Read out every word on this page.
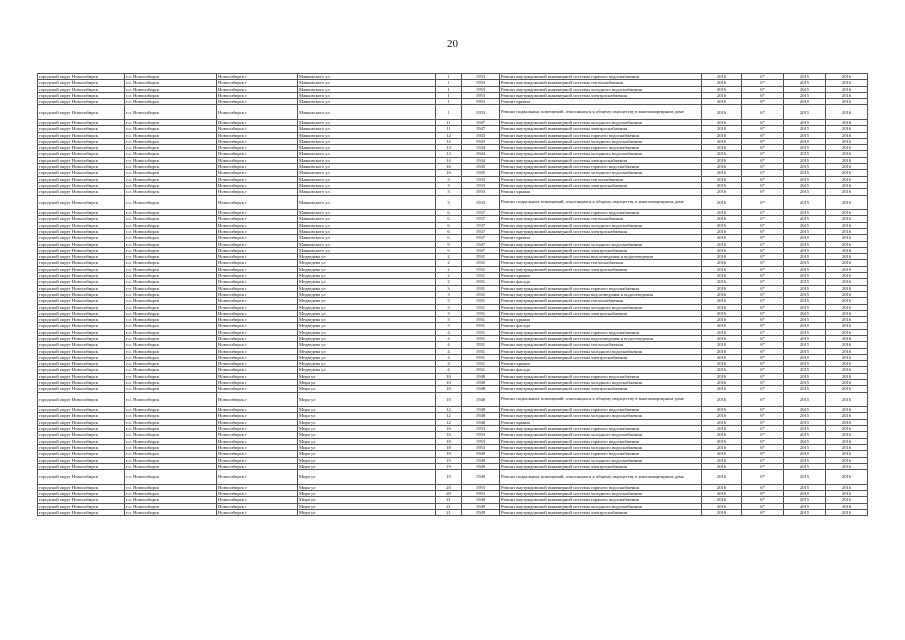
20
городской округ Новосибирск	г.о. Новосибирск	Новосибирск г	Маяковского ул	1	1953	Ремонт внутридомовой инженерной системы горячего водоснабжения	2016	6*	2015	2016
городской округ Новосибирск	г.о. Новосибирск	Новосибирск г	Маяковского ул	1	1953	Ремонт внутридомовой инженерной системы теплоснабжения	2016	6*	2015	2016
городской округ Новосибирск	г.о. Новосибирск	Новосибирск г	Маяковского ул	1	1953	Ремонт внутридомовой инженерной системы холодного водоснабжения	2016	6*	2015	2016
городской округ Новосибирск	г.о. Новосибирск	Новосибирск г	Маяковского ул	1	1953	Ремонт внутридомовой инженерной системы электроснабжения	2016	6*	2015	2016
городской округ Новосибирск	г.о. Новосибирск	Новосибирск г	Маяковского ул	1	1953	Ремонт крыши	2016	6*	2015	2016
городской округ Новосибирск	г.о. Новосибирск	Новосибирск г	Маяковского ул	1	1953	Ремонт подвальных помещений, относящихся к общему имуществу в многоквартирном доме	2016	6*	2015	2016
городской округ Новосибирск	г.о. Новосибирск	Новосибирск г	Маяковского ул	11	1947	Ремонт внутридомовой инженерной системы холодного водоснабжения	2016	6*	2015	2016
городской округ Новосибирск	г.о. Новосибирск	Новосибирск г	Маяковского ул	11	1947	Ремонт внутридомовой инженерной системы электроснабжения	2016	6*	2015	2016
городской округ Новосибирск	г.о. Новосибирск	Новосибирск г	Маяковского ул	12	1943	Ремонт внутридомовой инженерной системы горячего водоснабжения	2016	6*	2015	2016
городской округ Новосибирск	г.о. Новосибирск	Новосибирск г	Маяковского ул	12	1943	Ремонт внутридомовой инженерной системы холодного водоснабжения	2016	6*	2015	2016
городской округ Новосибирск	г.о. Новосибирск	Новосибирск г	Маяковского ул	14	1944	Ремонт внутридомовой инженерной системы горячего водоснабжения	2016	6*	2015	2016
городской округ Новосибирск	г.о. Новосибирск	Новосибирск г	Маяковского ул	14	1944	Ремонт внутридомовой инженерной системы холодного водоснабжения	2016	6*	2015	2016
городской округ Новосибирск	г.о. Новосибирск	Новосибирск г	Маяковского ул	14	1944	Ремонт внутридомовой инженерной системы электроснабжения	2016	6*	2015	2016
городской округ Новосибирск	г.о. Новосибирск	Новосибирск г	Маяковского ул	16	1945	Ремонт внутридомовой инженерной системы горячего водоснабжения	2016	6*	2015	2016
городской округ Новосибирск	г.о. Новосибирск	Новосибирск г	Маяковского ул	16	1945	Ремонт внутридомовой инженерной системы холодного водоснабжения	2016	6*	2015	2016
городской округ Новосибирск	г.о. Новосибирск	Новосибирск г	Маяковского ул	3	1933	Ремонт внутридомовой инженерной системы теплоснабжения	2016	6*	2015	2016
городской округ Новосибирск	г.о. Новосибирск	Новосибирск г	Маяковского ул	3	1933	Ремонт внутридомовой инженерной системы электроснабжения	2016	6*	2015	2016
городской округ Новосибирск	г.о. Новосибирск	Новосибирск г	Маяковского ул	3	1933	Ремонт крыши	2016	6*	2015	2016
городской округ Новосибирск	г.о. Новосибирск	Новосибирск г	Маяковского ул	3	1933	Ремонт подвальных помещений, относящихся к общему имуществу в многоквартирном доме	2016	6*	2015	2016
городской округ Новосибирск	г.о. Новосибирск	Новосибирск г	Маяковского ул	6	1937	Ремонт внутридомовой инженерной системы горячего водоснабжения	2016	6*	2015	2016
городской округ Новосибирск	г.о. Новосибирск	Новосибирск г	Маяковского ул	6	1937	Ремонт внутридомовой инженерной системы теплоснабжения	2016	6*	2015	2016
городской округ Новосибирск	г.о. Новосибирск	Новосибирск г	Маяковского ул	6	1937	Ремонт внутридомовой инженерной системы холодного водоснабжения	2016	6*	2015	2016
городской округ Новосибирск	г.о. Новосибирск	Новосибирск г	Маяковского ул	6	1937	Ремонт внутридомовой инженерной системы электроснабжения	2016	6*	2015	2016
городской округ Новосибирск	г.о. Новосибирск	Новосибирск г	Маяковского ул	6	1937	Ремонт крыши	2016	6*	2015	2016
городской округ Новосибирск	г.о. Новосибирск	Новосибирск г	Маяковского ул	9	1947	Ремонт внутридомовой инженерной системы холодного водоснабжения	2016	6*	2015	2016
городской округ Новосибирск	г.о. Новосибирск	Новосибирск г	Маяковского ул	9	1947	Ремонт внутридомовой инженерной системы электроснабжения	2016	6*	2015	2016
городской округ Новосибирск	г.о. Новосибирск	Новосибирск г	Медведева ул	2	1931	Ремонт внутридомовой инженерной системы водоотведения и водоотведения	2016	6*	2015	2016
городской округ Новосибирск	г.о. Новосибирск	Новосибирск г	Медведева ул	2	1931	Ремонт внутридомовой инженерной системы теплоснабжения	2016	6*	2015	2016
городской округ Новосибирск	г.о. Новосибирск	Новосибирск г	Медведева ул	2	1931	Ремонт внутридомовой инженерной системы электроснабжения	2016	6*	2015	2016
городской округ Новосибирск	г.о. Новосибирск	Новосибирск г	Медведева ул	2	1931	Ремонт крыши	2016	6*	2015	2016
городской округ Новосибирск	г.о. Новосибирск	Новосибирск г	Медведева ул	2	1931	Ремонт фасада	2016	6*	2015	2016
городской округ Новосибирск	г.о. Новосибирск	Новосибирск г	Медведева ул	3	1931	Ремонт внутридомовой инженерной системы горячего водоснабжения	2016	6*	2015	2016
городской округ Новосибирск	г.о. Новосибирск	Новосибирск г	Медведева ул	3	1931	Ремонт внутридомовой инженерной системы водоотведения и водоотведения	2016	6*	2015	2016
городской округ Новосибирск	г.о. Новосибирск	Новосибирск г	Медведева ул	3	1931	Ремонт внутридомовой инженерной системы теплоснабжения	2016	6*	2015	2016
городской округ Новосибирск	г.о. Новосибирск	Новосибирск г	Медведева ул	3	1931	Ремонт внутридомовой инженерной системы холодного водоснабжения	2016	6*	2015	2016
городской округ Новосибирск	г.о. Новосибирск	Новосибирск г	Медведева ул	3	1931	Ремонт внутридомовой инженерной системы электроснабжения	2016	6*	2015	2016
городской округ Новосибирск	г.о. Новосибирск	Новосибирск г	Медведева ул	3	1931	Ремонт крыши	2016	6*	2015	2016
городской округ Новосибирск	г.о. Новосибирск	Новосибирск г	Медведева ул	3	1931	Ремонт фасада	2016	6*	2015	2016
городской округ Новосибирск	г.о. Новосибирск	Новосибирск г	Медведева ул	4	1931	Ремонт внутридомовой инженерной системы горячего водоснабжения	2016	6*	2015	2016
городской округ Новосибирск	г.о. Новосибирск	Новосибирск г	Медведева ул	4	1931	Ремонт внутридомовой инженерной системы водоотведения и водоотведения	2016	6*	2015	2016
городской округ Новосибирск	г.о. Новосибирск	Новосибирск г	Медведева ул	4	1931	Ремонт внутридомовой инженерной системы теплоснабжения	2016	6*	2015	2016
городской округ Новосибирск	г.о. Новосибирск	Новосибирск г	Медведева ул	4	1931	Ремонт внутридомовой инженерной системы холодного водоснабжения	2016	6*	2015	2016
городской округ Новосибирск	г.о. Новосибирск	Новосибирск г	Медведева ул	4	1931	Ремонт внутридомовой инженерной системы электроснабжения	2016	6*	2015	2016
городской округ Новосибирск	г.о. Новосибирск	Новосибирск г	Медведева ул	4	1931	Ремонт крыши	2016	6*	2015	2016
городской округ Новосибирск	г.о. Новосибирск	Новосибирск г	Медведева ул	4	1931	Ремонт фасада	2016	6*	2015	2016
городской округ Новосибирск	г.о. Новосибирск	Новосибирск г	Мира ул	10	1948	Ремонт внутридомовой инженерной системы горячего водоснабжения	2016	6*	2015	2016
городской округ Новосибирск	г.о. Новосибирск	Новосибирск г	Мира ул	10	1948	Ремонт внутридомовой инженерной системы холодного водоснабжения	2016	6*	2015	2016
городской округ Новосибирск	г.о. Новосибирск	Новосибирск г	Мира ул	10	1948	Ремонт внутридомовой инженерной системы электроснабжения	2016	6*	2015	2016
городской округ Новосибирск	г.о. Новосибирск	Новосибирск г	Мира ул	10	1948	Ремонт подвальных помещений, относящихся к общему имуществу в многоквартирном доме	2016	6*	2015	2016
городской округ Новосибирск	г.о. Новосибирск	Новосибирск г	Мира ул	12	1948	Ремонт внутридомовой инженерной системы горячего водоснабжения	2016	6*	2015	2016
городской округ Новосибирск	г.о. Новосибирск	Новосибирск г	Мира ул	12	1948	Ремонт внутридомовой инженерной системы холодного водоснабжения	2016	6*	2015	2016
городской округ Новосибирск	г.о. Новосибирск	Новосибирск г	Мира ул	12	1948	Ремонт крыши	2016	6*	2015	2016
городской округ Новосибирск	г.о. Новосибирск	Новосибирск г	Мира ул	16	1953	Ремонт внутридомовой инженерной системы горячего водоснабжения	2016	6*	2015	2016
городской округ Новосибирск	г.о. Новосибирск	Новосибирск г	Мира ул	16	1953	Ремонт внутридомовой инженерной системы холодного водоснабжения	2016	6*	2015	2016
городской округ Новосибирск	г.о. Новосибирск	Новосибирск г	Мира ул	18	1953	Ремонт внутридомовой инженерной системы горячего водоснабжения	2016	6*	2015	2016
городской округ Новосибирск	г.о. Новосибирск	Новосибирск г	Мира ул	18	1953	Ремонт внутридомовой инженерной системы холодного водоснабжения	2016	6*	2015	2016
городской округ Новосибирск	г.о. Новосибирск	Новосибирск г	Мира ул	19	1949	Ремонт внутридомовой инженерной системы горячего водоснабжения	2016	6*	2015	2016
городской округ Новосибирск	г.о. Новосибирск	Новосибирск г	Мира ул	19	1949	Ремонт внутридомовой инженерной системы холодного водоснабжения	2016	6*	2015	2016
городской округ Новосибирск	г.о. Новосибирск	Новосибирск г	Мира ул	19	1949	Ремонт внутридомовой инженерной системы электроснабжения	2016	6*	2015	2016
городской округ Новосибирск	г.о. Новосибирск	Новосибирск г	Мира ул	19	1949	Ремонт подвальных помещений, относящихся к общему имуществу в многоквартирном доме	2016	6*	2015	2016
городской округ Новосибирск	г.о. Новосибирск	Новосибирск г	Мира ул	20	1953	Ремонт внутридомовой инженерной системы горячего водоснабжения	2016	6*	2015	2016
городской округ Новосибирск	г.о. Новосибирск	Новосибирск г	Мира ул	20	1953	Ремонт внутридомовой инженерной системы холодного водоснабжения	2016	6*	2015	2016
городской округ Новосибирск	г.о. Новосибирск	Новосибирск г	Мира ул	21	1949	Ремонт внутридомовой инженерной системы горячего водоснабжения	2016	6*	2015	2016
городской округ Новосибирск	г.о. Новосибирск	Новосибирск г	Мира ул	21	1949	Ремонт внутридомовой инженерной системы холодного водоснабжения	2016	6*	2015	2016
городской округ Новосибирск	г.о. Новосибирск	Новосибирск г	Мира ул	21	1949	Ремонт внутридомовой инженерной системы электроснабжения	2016	6*	2015	2016
